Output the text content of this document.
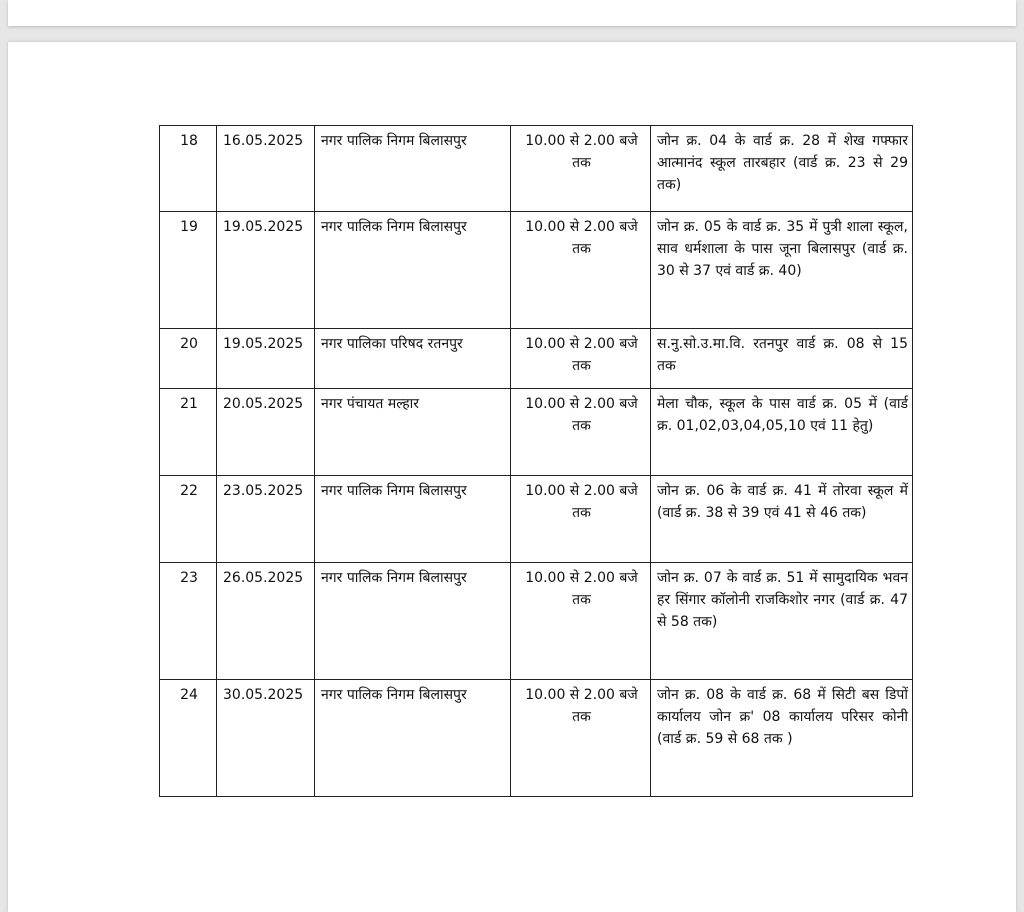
18	16.05.2025	नगर पालिक निगम बिलासपुर	10.00 से 2.00 बजे तक	जोन क्र. 04 के वार्ड क्र. 28 में शेख गफ्फार आत्मानंद स्कूल तारबहार (वार्ड क्र. 23 से 29 तक)
19	19.05.2025	नगर पालिक निगम बिलासपुर	10.00 से 2.00 बजे तक	जोन क्र. 05 के वार्ड क्र. 35 में पुत्री शाला स्कूल, साव धर्मशाला के पास जूना बिलासपुर (वार्ड क्र. 30 से 37 एवं वार्ड क्र. 40)
20	19.05.2025	नगर पालिका परिषद रतनपुर	10.00 से 2.00 बजे तक	स.नु.सो.उ.मा.वि. रतनपुर वार्ड क्र. 08 से 15 तक
21	20.05.2025	नगर पंचायत मल्हार	10.00 से 2.00 बजे तक	मेला चौक, स्कूल के पास वार्ड क्र. 05 में (वार्ड क्र. 01,02,03,04,05,10 एवं 11 हेतु)
22	23.05.2025	नगर पालिक निगम बिलासपुर	10.00 से 2.00 बजे तक	जोन क्र. 06 के वार्ड क्र. 41 में तोरवा स्कूल में (वार्ड क्र. 38 से 39 एवं 41 से 46 तक)
23	26.05.2025	नगर पालिक निगम बिलासपुर	10.00 से 2.00 बजे तक	जोन क्र. 07 के वार्ड क्र. 51 में सामुदायिक भवन हर सिंगार कॉलोनी राजकिशोर नगर (वार्ड क्र. 47 से 58 तक)
24	30.05.2025	नगर पालिक निगम बिलासपुर	10.00 से 2.00 बजे तक	जोन क्र. 08 के वार्ड क्र. 68 में सिटी बस डिपों कार्यालय जोन क्र' 08 कार्यालय परिसर कोनी (वार्ड क्र. 59 से 68 तक )
